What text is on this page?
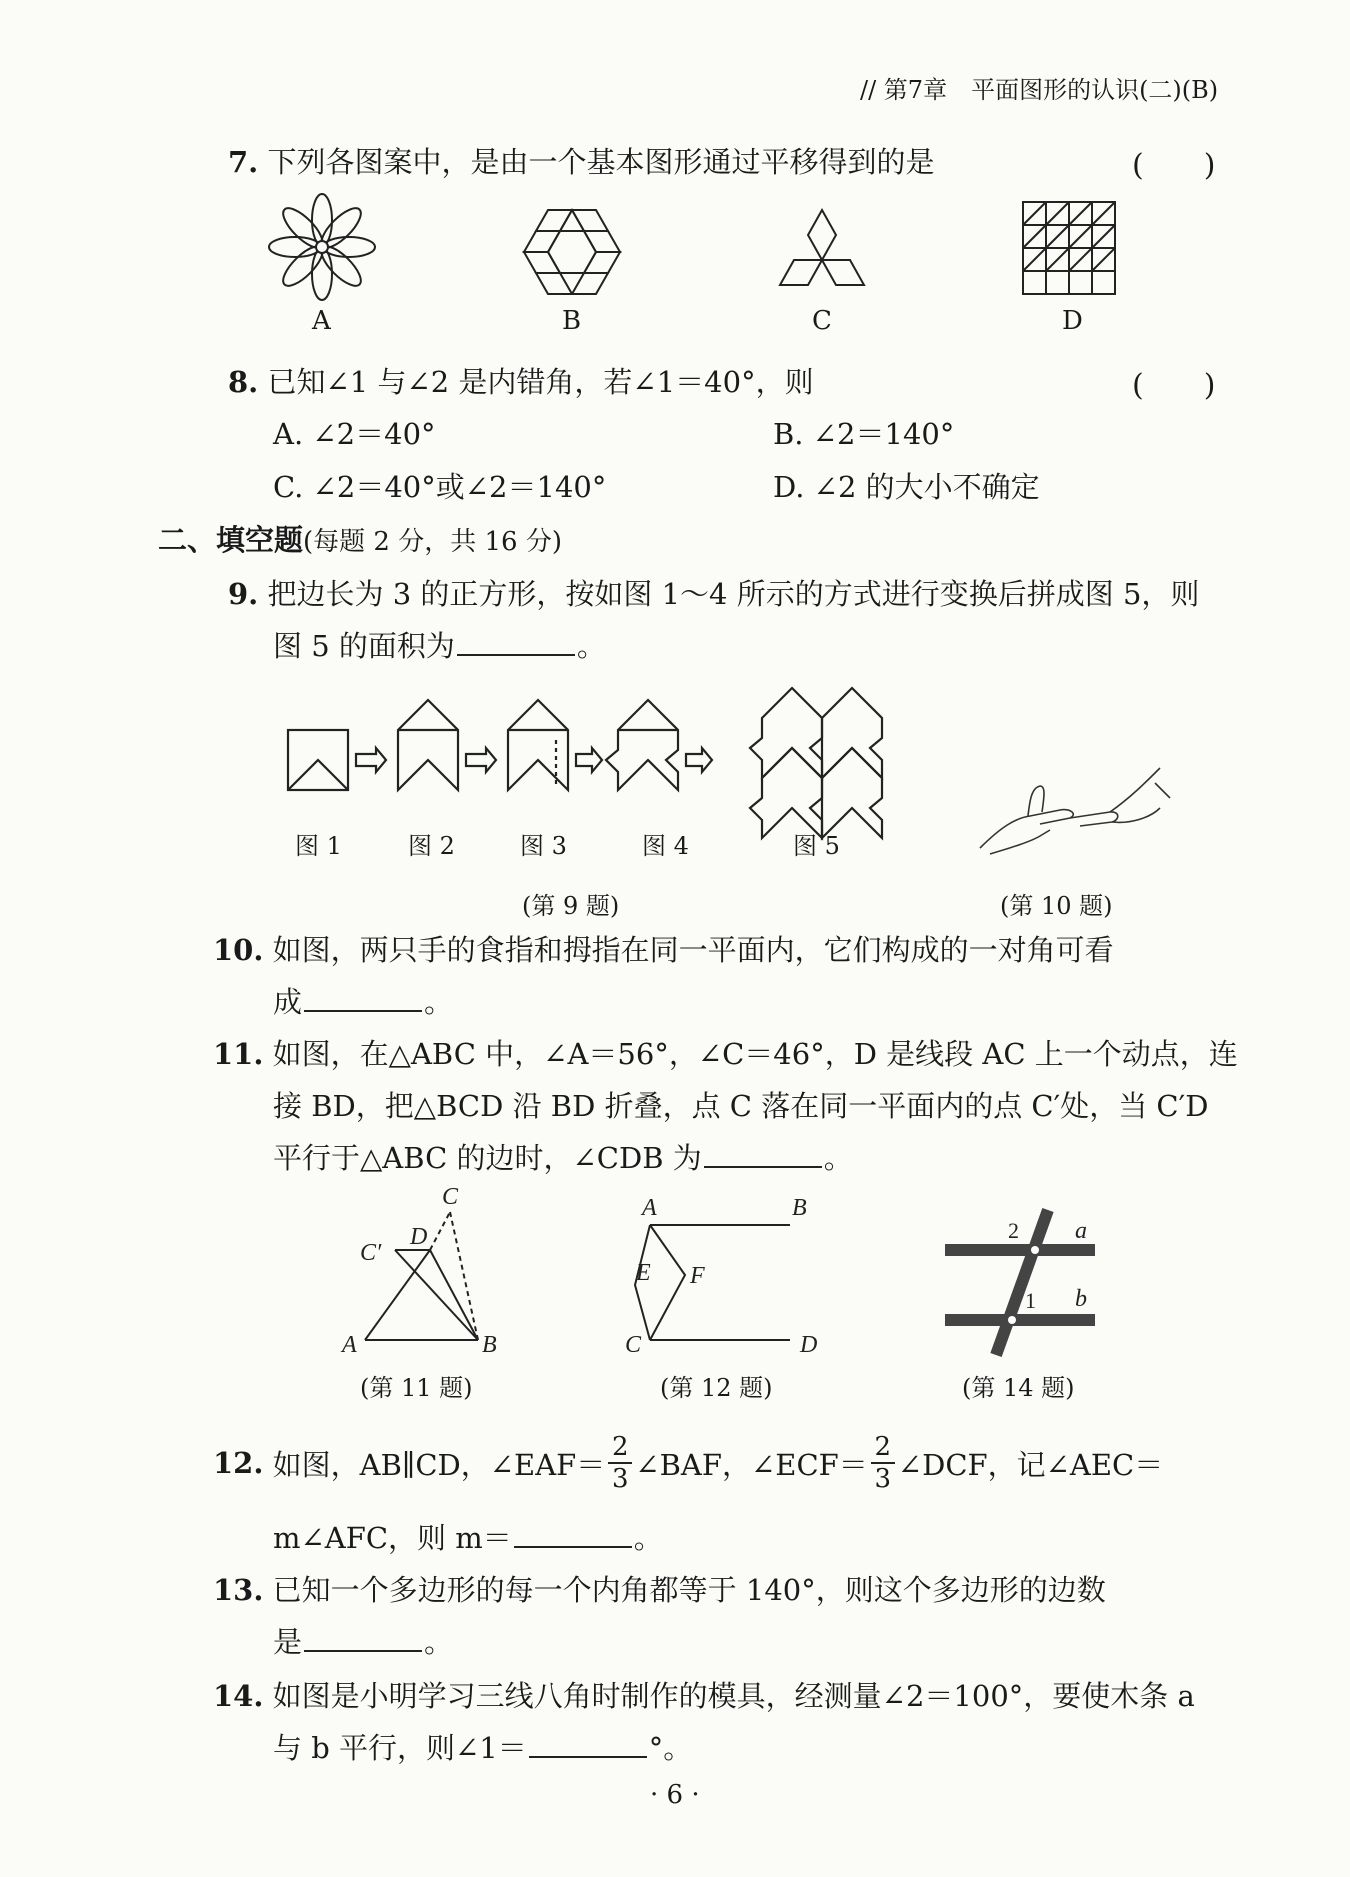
// 第7章　平面图形的认识(二)(B)
7. 下列各图案中，是由一个基本图形通过平移得到的是	(　　)
A	B	C	D
8. 已知∠1 与∠2 是内错角，若∠1＝40°，则	(　　)
A. ∠2＝40°	B. ∠2＝140°
C. ∠2＝40°或∠2＝140°	D. ∠2 的大小不确定
二、填空题(每题 2 分，共 16 分)
9. 把边长为 3 的正方形，按如图 1～4 所示的方式进行变换后拼成图 5，则
图 5 的面积为	。
图 1	图 2	图 3	图 4	图 5
(第 9 题)	(第 10 题)
10. 如图，两只手的食指和拇指在同一平面内，它们构成的一对角可看
成	。
11. 如图，在△ABC 中，∠A＝56°，∠C＝46°，D 是线段 AC 上一个动点，连
接 BD，把△BCD 沿 BD 折叠，点 C 落在同一平面内的点 C′处，当 C′D
平行于△ABC 的边时，∠CDB 为	。
C
D
C′
A	B
A	B
E F
C	D
a
b
2
1
(第 11 题)	(第 12 题)	(第 14 题)
12.
如图，AB∥CD，∠EAF＝ $\frac{2}{3}$ ∠BAF，∠ECF＝ $\frac{2}{3}$ ∠DCF，记∠AEC＝
m∠AFC，则 m＝	。
13. 已知一个多边形的每一个内角都等于 140°，则这个多边形的边数
是	。
14. 如图是小明学习三线八角时制作的模具，经测量∠2＝100°，要使木条 a
与 b 平行，则∠1＝	°。
· 6 ·
